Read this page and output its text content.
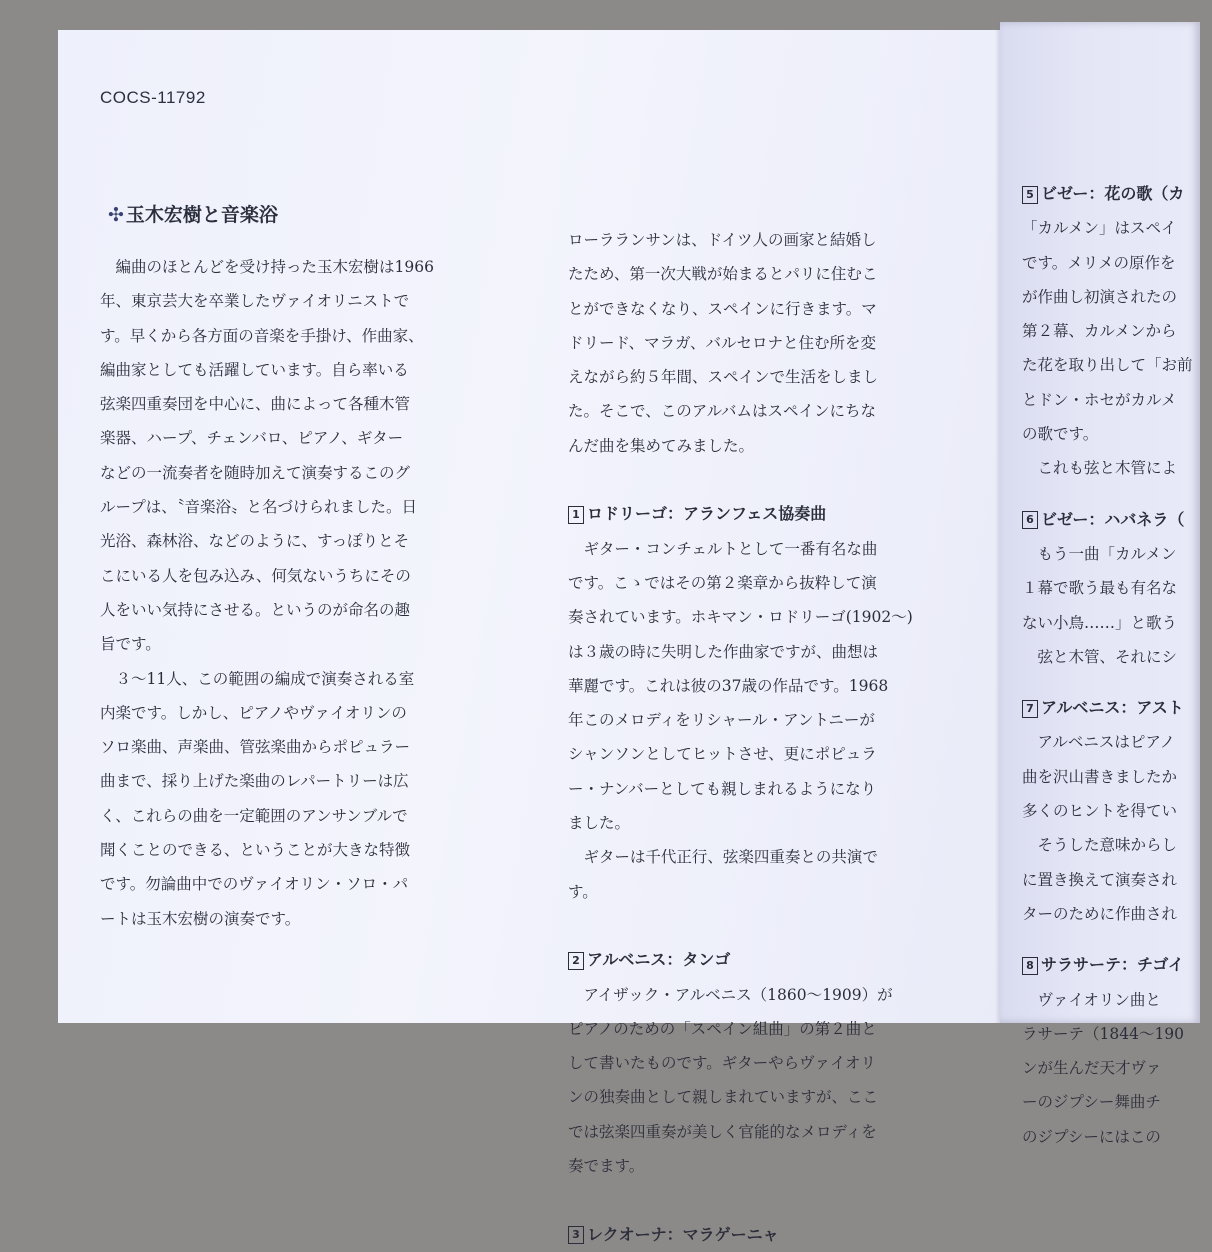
COCS-11792
✣ 玉木宏樹と音楽浴

　編曲のほとんどを受け持った玉木宏樹は1966

年、東京芸大を卒業したヴァイオリニストで

す。早くから各方面の音楽を手掛け、作曲家、

編曲家としても活躍しています。自ら率いる

弦楽四重奏団を中心に、曲によって各種木管

楽器、ハープ、チェンバロ、ピアノ、ギター

などの一流奏者を随時加えて演奏するこのグ

ループは、〝音楽浴〟と名づけられました。日

光浴、森林浴、などのように、すっぽりとそ

こにいる人を包み込み、何気ないうちにその

人をいい気持にさせる。というのが命名の趣

旨です。

　３～11人、この範囲の編成で演奏される室

内楽です。しかし、ピアノやヴァイオリンの

ソロ楽曲、声楽曲、管弦楽曲からポピュラー

曲まで、採り上げた楽曲のレパートリーは広

く、これらの曲を一定範囲のアンサンブルで

聞くことのできる、ということが大きな特徴

です。勿論曲中でのヴァイオリン・ソロ・パ

ートは玉木宏樹の演奏です。

ローラランサンは、ドイツ人の画家と結婚し

たため、第一次大戦が始まるとパリに住むこ

とができなくなり、スペインに行きます。マ

ドリード、マラガ、バルセロナと住む所を変

えながら約５年間、スペインで生活をしまし

た。そこで、このアルバムはスペインにちな

んだ曲を集めてみました。

1 ロドリーゴ：アランフェス協奏曲

　ギター・コンチェルトとして一番有名な曲

です。こゝではその第２楽章から抜粋して演

奏されています。ホキマン・ロドリーゴ(1902～)

は３歳の時に失明した作曲家ですが、曲想は

華麗です。これは彼の37歳の作品です。1968

年このメロディをリシャール・アントニーが

シャンソンとしてヒットさせ、更にポピュラ

ー・ナンバーとしても親しまれるようになり

ました。

　ギターは千代正行、弦楽四重奏との共演で

す。

2 アルベニス：タンゴ

　アイザック・アルベニス（1860～1909）が

ピアノのための「スペイン組曲」の第２曲と

して書いたものです。ギターやらヴァイオリ

ンの独奏曲として親しまれていますが、ここ

では弦楽四重奏が美しく官能的なメロディを

奏でます。

3 レクオーナ：マラゲーニャ

5 ビゼー：花の歌（カ

「カルメン」はスペイ

です。メリメの原作を

が作曲し初演されたの

第２幕、カルメンから

た花を取り出して「お前

とドン・ホセがカルメ

の歌です。

　これも弦と木管によ

6 ビゼー：ハバネラ（

　もう一曲「カルメン

１幕で歌う最も有名な

ない小鳥……」と歌う

　弦と木管、それにシ

7 アルベニス：アスト

　アルベニスはピアノ

曲を沢山書きましたか

多くのヒントを得てい

　そうした意味からし

に置き換えて演奏され

ターのために作曲され

8 サラサーテ：チゴイ

　ヴァイオリン曲と

ラサーテ（1844～190

ンが生んだ天才ヴァ

ーのジプシー舞曲チ

のジプシーにはこの
